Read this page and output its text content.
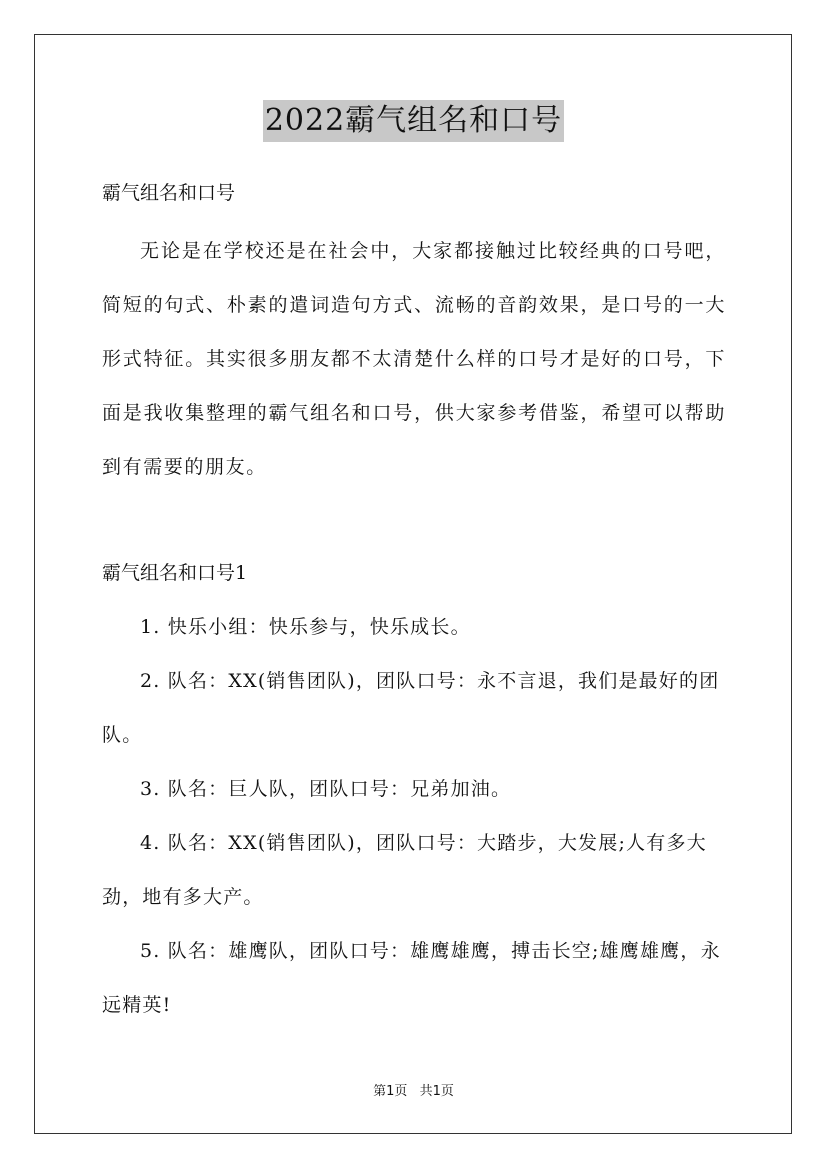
2022霸气组名和口号
霸气组名和口号
无论是在学校还是在社会中，大家都接触过比较经典的口号吧，简短的句式、朴素的遣词造句方式、流畅的音韵效果，是口号的一大形式特征。其实很多朋友都不太清楚什么样的口号才是好的口号，下面是我收集整理的霸气组名和口号，供大家参考借鉴，希望可以帮助到有需要的朋友。
霸气组名和口号1
1. 快乐小组：快乐参与，快乐成长。
2. 队名：XX(销售团队)，团队口号：永不言退，我们是最好的团队。
3. 队名：巨人队，团队口号：兄弟加油。
4. 队名：XX(销售团队)，团队口号：大踏步，大发展;人有多大劲，地有多大产。
5. 队名：雄鹰队，团队口号：雄鹰雄鹰，搏击长空;雄鹰雄鹰，永远精英!
第1页 共1页
